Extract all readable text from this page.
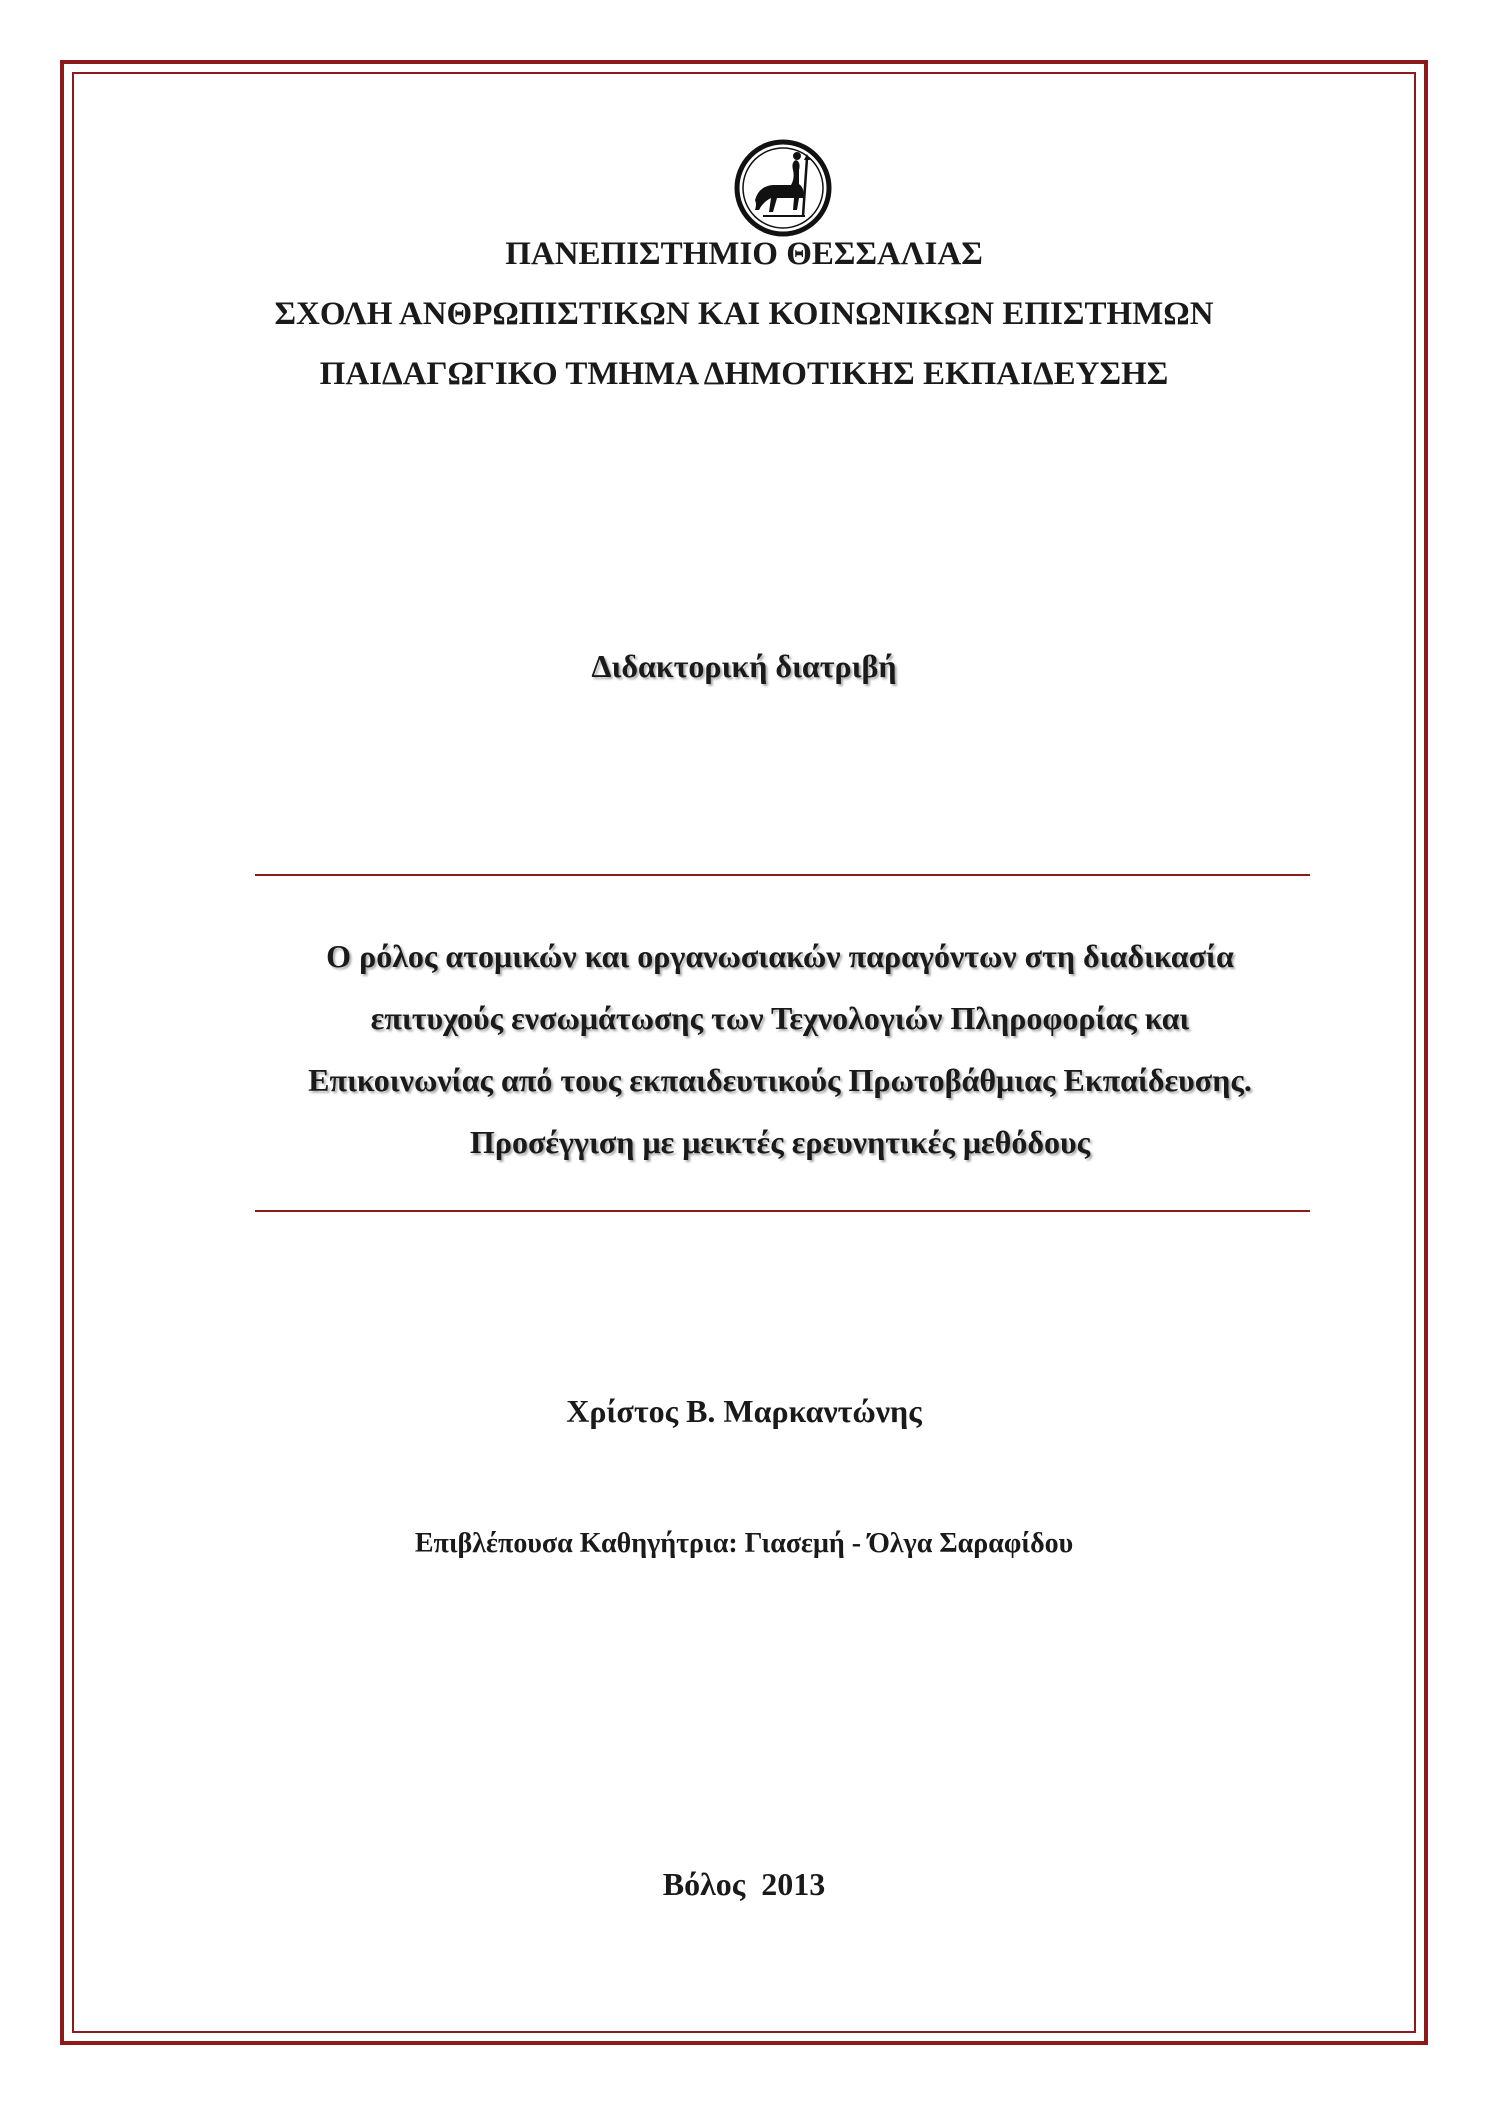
ΠΑΝΕΠΙΣΤΗΜΙΟ ΘΕΣΣΑΛΙΑΣ
ΣΧΟΛΗ ΑΝΘΡΩΠΙΣΤΙΚΩΝ ΚΑΙ ΚΟΙΝΩΝΙΚΩΝ ΕΠΙΣΤΗΜΩΝ
ΠΑΙΔΑΓΩΓΙΚΟ ΤΜΗΜΑ ΔΗΜΟΤΙΚΗΣ ΕΚΠΑΙΔΕΥΣΗΣ
Διδακτορική διατριβή
Ο ρόλος ατομικών και οργανωσιακών παραγόντων στη διαδικασία
επιτυχούς ενσωμάτωσης των Τεχνολογιών Πληροφορίας και
Επικοινωνίας από τους εκπαιδευτικούς Πρωτοβάθμιας Εκπαίδευσης.
Προσέγγιση με μεικτές ερευνητικές μεθόδους
Χρίστος Β. Μαρκαντώνης
Επιβλέπουσα Καθηγήτρια: Γιασεμή - Όλγα Σαραφίδου
Βόλος  2013
